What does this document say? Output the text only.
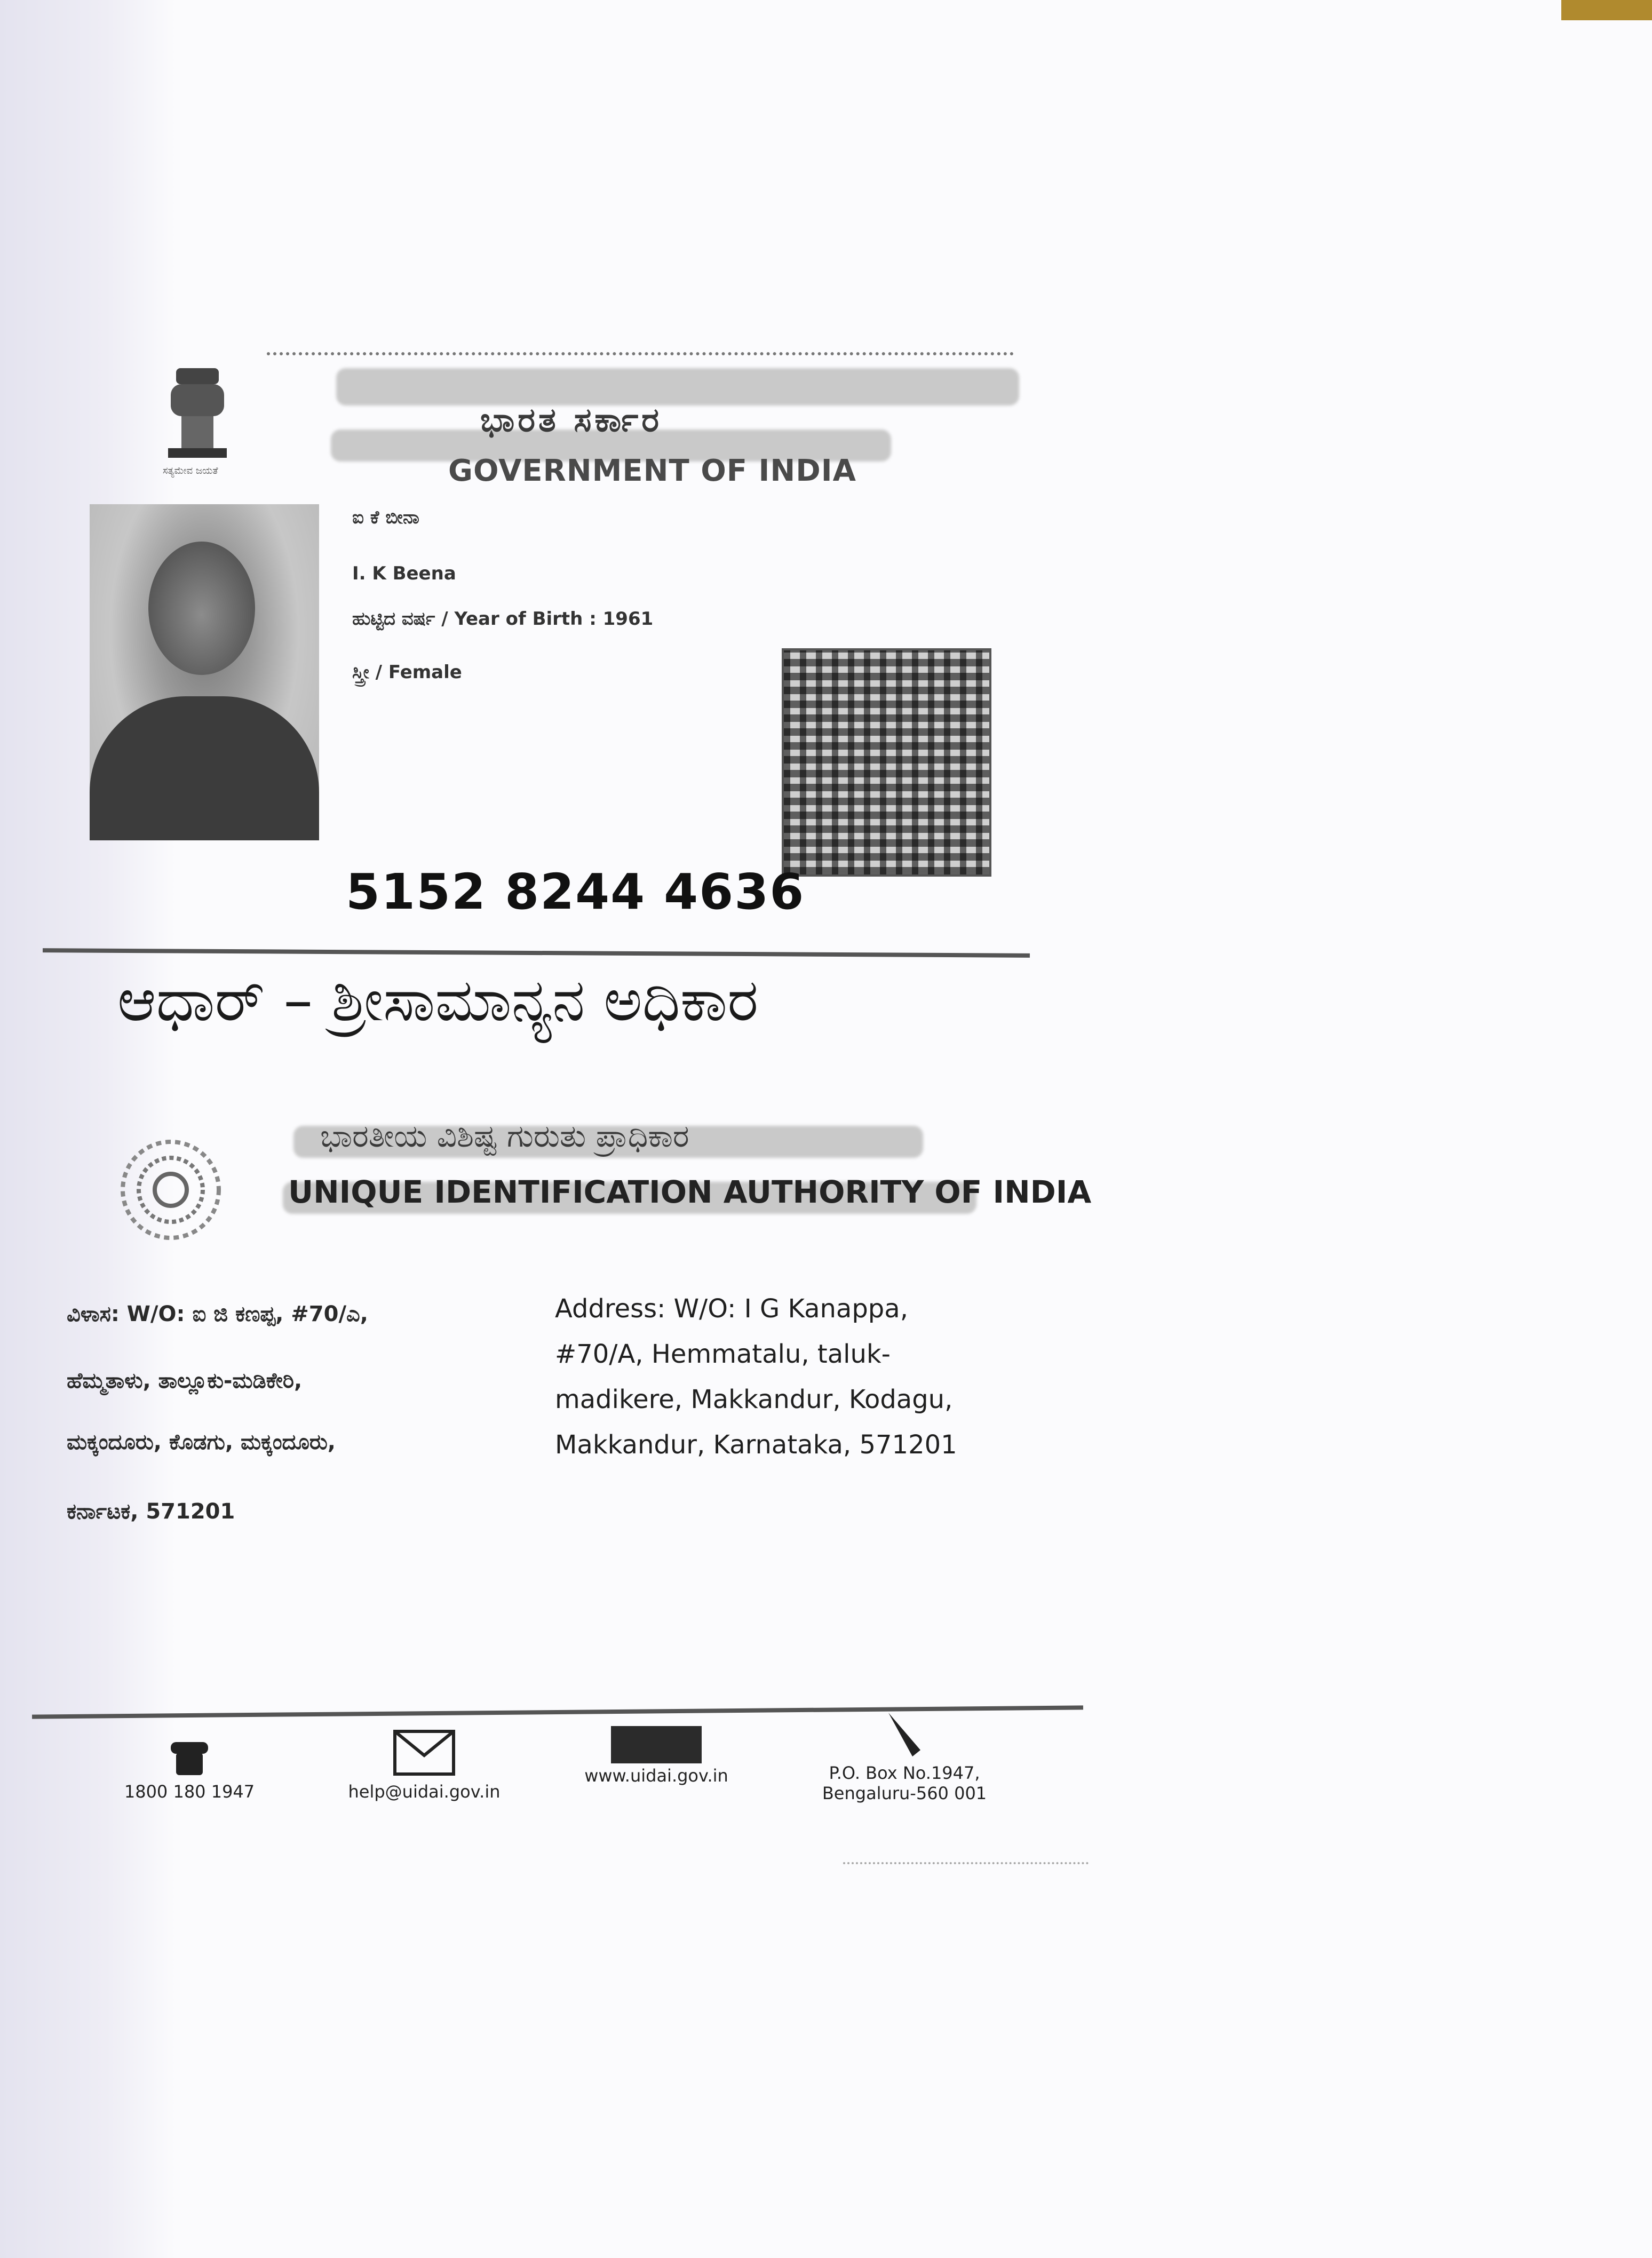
ಸತ್ಯಮೇವ ಜಯತೆ
ಭಾರತ ಸರ್ಕಾರ
GOVERNMENT OF INDIA
ಐ ಕೆ ಬೀನಾ
I. K Beena
ಹುಟ್ಟಿದ ವರ್ಷ / Year of Birth : 1961
ಸ್ತ್ರೀ / Female
5152 8244 4636
ಆಧಾರ್ – ಶ್ರೀಸಾಮಾನ್ಯನ ಅಧಿಕಾರ
ಭಾರತೀಯ ವಿಶಿಷ್ಟ ಗುರುತು ಪ್ರಾಧಿಕಾರ
UNIQUE IDENTIFICATION AUTHORITY OF INDIA
ವಿಳಾಸ: W/O: ಐ ಜಿ ಕಣಪ್ಪ, #70/ಎ,
ಹೆಮ್ಮತಾಳು, ತಾಲ್ಲೂಕು-ಮಡಿಕೇರಿ,
ಮಕ್ಕಂದೂರು, ಕೊಡಗು, ಮಕ್ಕಂದೂರು,
ಕರ್ನಾಟಕ, 571201
Address: W/O: I G Kanappa,
#70/A, Hemmatalu, taluk-
madikere, Makkandur, Kodagu,
Makkandur, Karnataka, 571201
1800 180 1947	help@uidai.gov.in
www.uidai.gov.in	P.O. Box No.1947,
Bengaluru-560 001
